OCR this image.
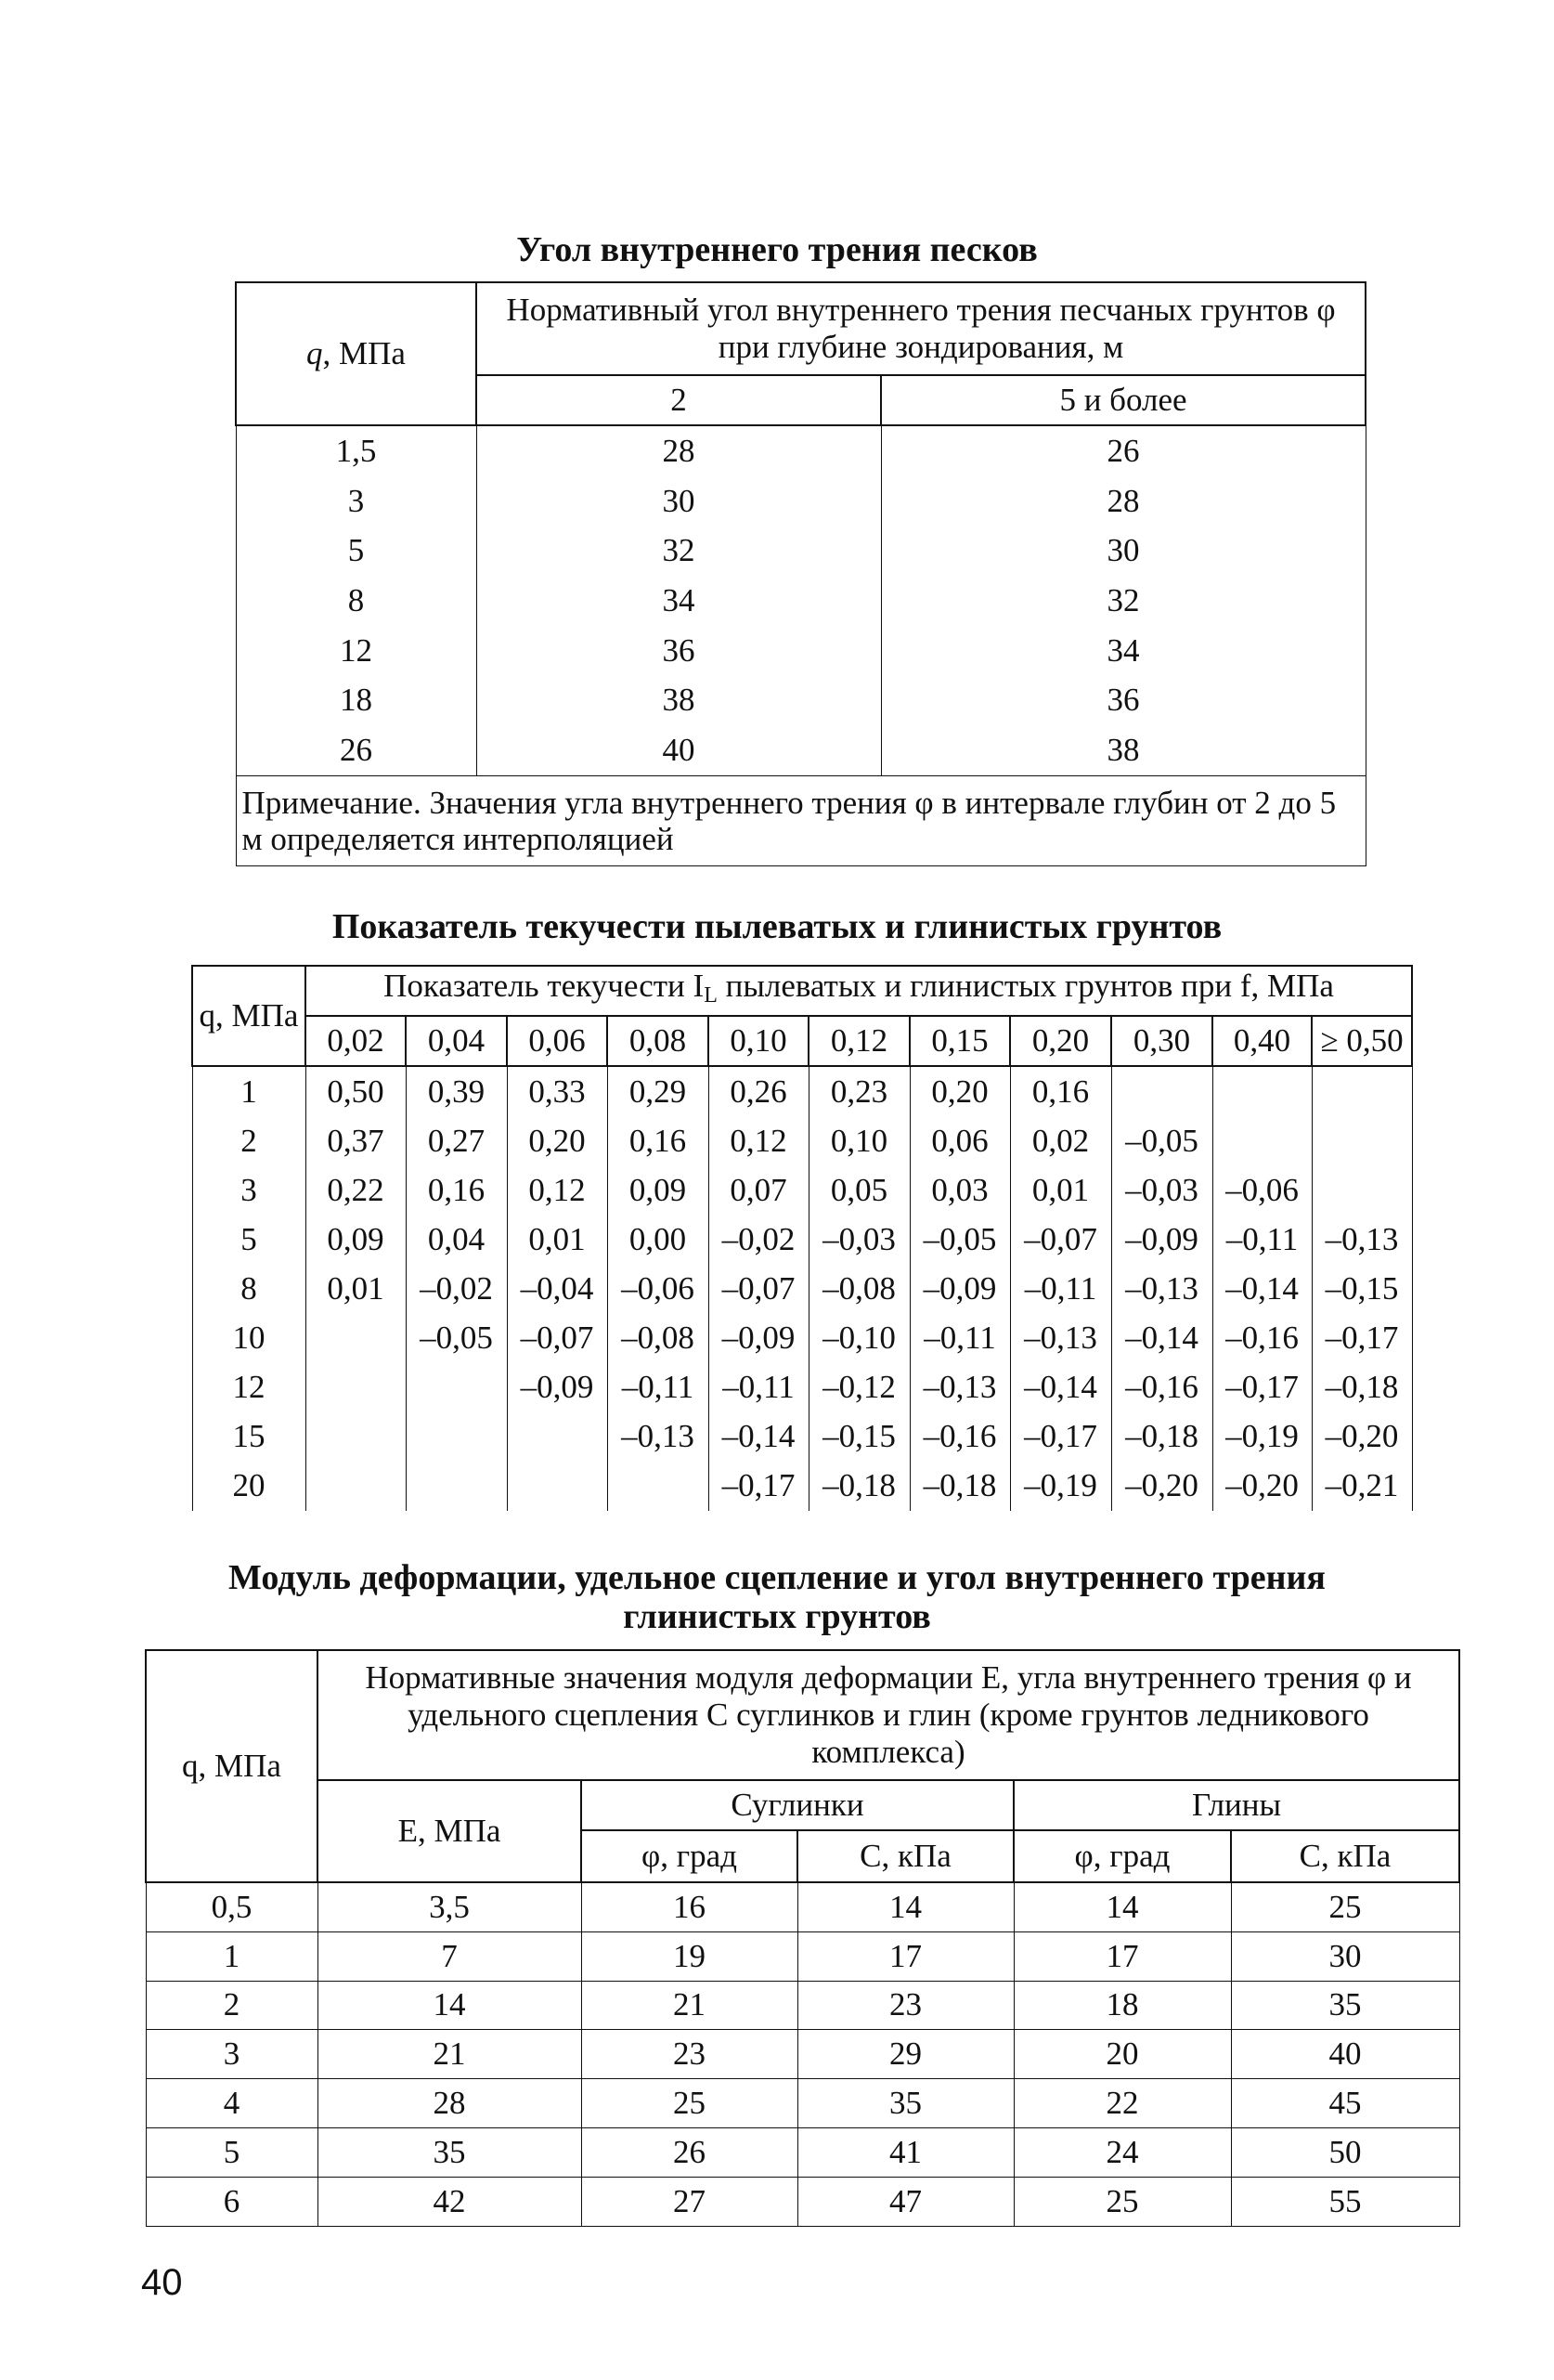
Угол внутреннего трения песков
q, МПа	Нормативный угол внутреннего трения песчаных грунтов φ
при глубине зондирования, м	
	2	5 и более
1,5	28	26
3	30	28
5	32	30
8	34	32
12	36	34
18	38	36
26	40	38
Примечание. Значения угла внутреннего трения φ в интервале глубин от 2 до 5 м определяется интерполяцией		
Показатель текучести пылеватых и глинистых грунтов
q, МПа	Показатель текучести $I_L$ пылеватых и глинистых грунтов при f, МПа										
	0,02	0,04	0,06	0,08	0,10	0,12	0,15	0,20	0,30	0,40	≥ 0,50
1	0,50	0,39	0,33	0,29	0,26	0,23	0,20	0,16			
2	0,37	0,27	0,20	0,16	0,12	0,10	0,06	0,02	–0,05		
3	0,22	0,16	0,12	0,09	0,07	0,05	0,03	0,01	–0,03	–0,06	
5	0,09	0,04	0,01	0,00	–0,02	–0,03	–0,05	–0,07	–0,09	–0,11	–0,13
8	0,01	–0,02	–0,04	–0,06	–0,07	–0,08	–0,09	–0,11	–0,13	–0,14	–0,15
10		–0,05	–0,07	–0,08	–0,09	–0,10	–0,11	–0,13	–0,14	–0,16	–0,17
12			–0,09	–0,11	–0,11	–0,12	–0,13	–0,14	–0,16	–0,17	–0,18
15				–0,13	–0,14	–0,15	–0,16	–0,17	–0,18	–0,19	–0,20
20					–0,17	–0,18	–0,18	–0,19	–0,20	–0,20	–0,21
Модуль деформации, удельное сцепление и угол внутреннего трения
глинистых грунтов
q, МПа	Нормативные значения модуля деформации E, угла внутреннего трения φ и
удельного сцепления С суглинков и глин (кроме грунтов ледникового
комплекса)				
	E, МПа	Суглинки		Глины	
		φ, град	С, кПа	φ, град	С, кПа
0,5	3,5	16	14	14	25
1	7	19	17	17	30
2	14	21	23	18	35
3	21	23	29	20	40
4	28	25	35	22	45
5	35	26	41	24	50
6	42	27	47	25	55
40
